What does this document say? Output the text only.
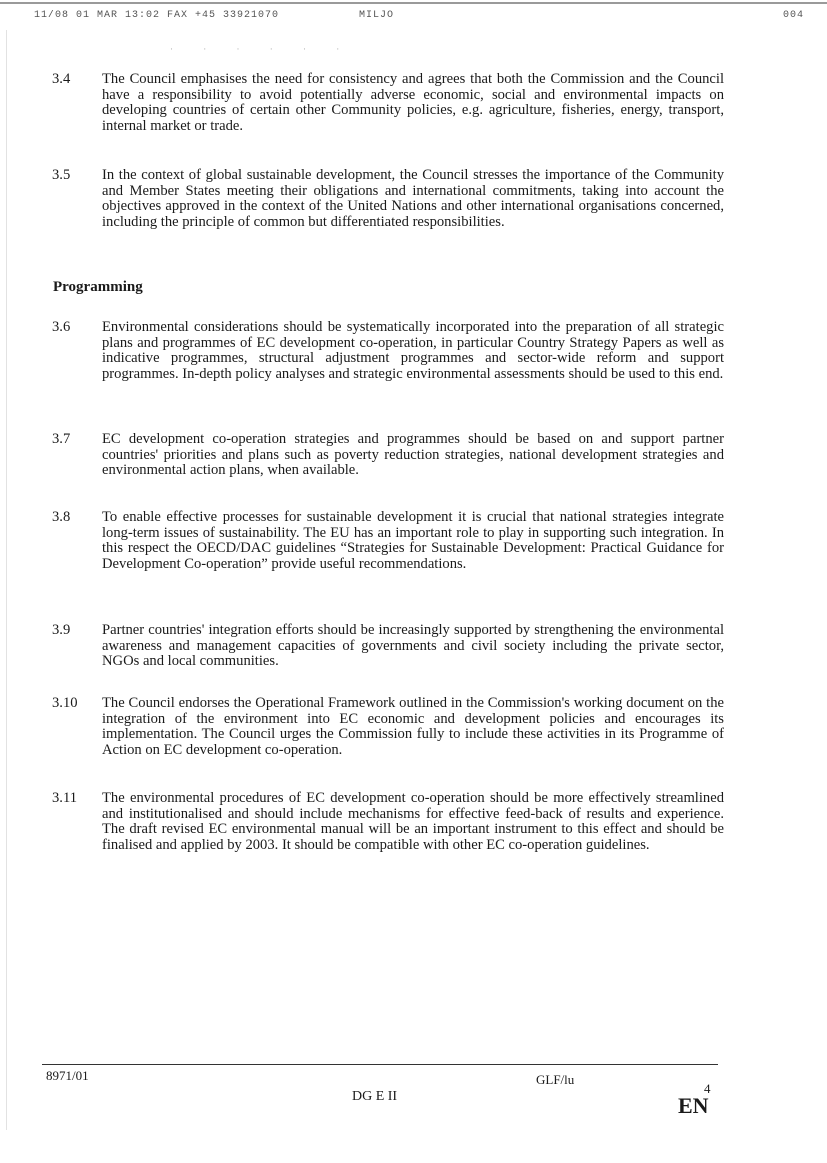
11/08 01 MAR 13:02 FAX +45 33921070	MILJO	004
· · · · · ·
3.4	The Council emphasises the need for consistency and agrees that both the Commission and the Council have a responsibility to avoid potentially adverse economic, social and environmental impacts on developing countries of certain other Community policies, e.g. agriculture, fisheries, energy, transport, internal market or trade.
3.5	In the context of global sustainable development, the Council stresses the importance of the Community and Member States meeting their obligations and international commitments, taking into account the objectives approved in the context of the United Nations and other international organisations concerned, including the principle of common but differentiated responsibilities.
Programming
3.6	Environmental considerations should be systematically incorporated into the preparation of all strategic plans and programmes of EC development co-operation, in particular Country Strategy Papers as well as indicative programmes, structural adjustment programmes and sector-wide reform and support programmes. In-depth policy analyses and strategic environmental assessments should be used to this end.
3.7	EC development co-operation strategies and programmes should be based on and support partner countries' priorities and plans such as poverty reduction strategies, national development strategies and environmental action plans, when available.
3.8	To enable effective processes for sustainable development it is crucial that national strategies integrate long-term issues of sustainability. The EU has an important role to play in supporting such integration. In this respect the OECD/DAC guidelines “Strategies for Sustainable Development: Practical Guidance for Development Co-operation” provide useful recommendations.
3.9	Partner countries' integration efforts should be increasingly supported by strengthening the environmental awareness and management capacities of governments and civil society including the private sector, NGOs and local communities.
3.10	The Council endorses the Operational Framework outlined in the Commission's working document on the integration of the environment into EC economic and development policies and encourages its implementation. The Council urges the Commission fully to include these activities in its Programme of Action on EC development co-operation.
3.11	The environmental procedures of EC development co-operation should be more effectively streamlined and institutionalised and should include mechanisms for effective feed-back of results and experience. The draft revised EC environmental manual will be an important instrument to this effect and should be finalised and applied by 2003. It should be compatible with other EC co-operation guidelines.
8971/01	GLF/lu
4
DG E II	EN
